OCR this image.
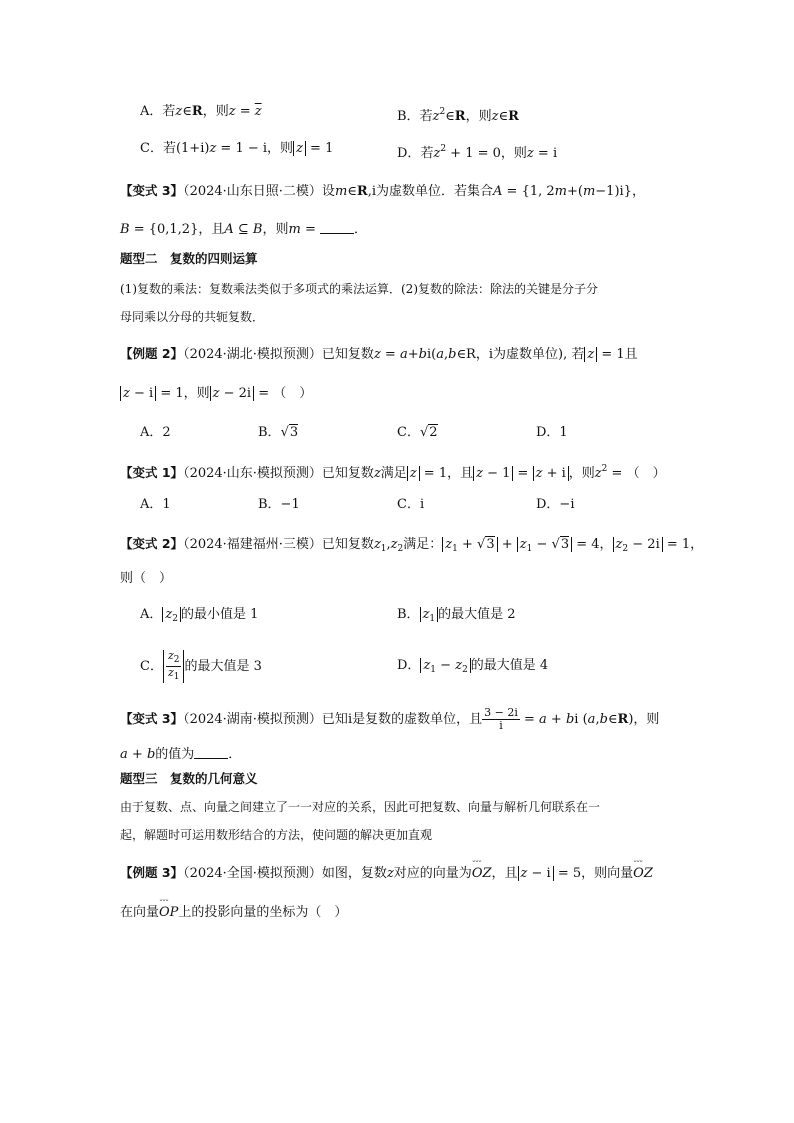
A．若z∈R，则$z = \overline{z}$	B．若$z^2\in R$，则z∈R
C．若(1+i)z = 1 − i，则 z = 1	D．若$z^2 + 1 = 0$，则z = i
【变式 3】（2024·山东日照·二模）设m∈R,i为虚数单位．若集合A = {1, 2m+(m−1)i}，
B = {0,1,2}，且A ⊆ B，则m =	．
题型二　复数的四则运算
(1)复数的乘法：复数乘法类似于多项式的乘法运算．(2)复数的除法：除法的关键是分子分
母同乘以分母的共轭复数．
【例题 2】（2024·湖北·模拟预测）已知复数z = a+bi(a,b∈R，i为虚数单位), 若 z = 1且
z − i = 1，则 z − 2i = （　）
A．2	B．√3	C．√2	D．1
【变式 1】（2024·山东·模拟预测）已知复数z满足 z = 1，且 z − 1 = z + i ，则$z^2$ = （　）
A．1	B．−1	C．i	D．−i
【变式 2】（2024·福建福州·三模）已知复数$z_1,z_2$满足： $z_1 + √3 + z_1 - √3 = 4$， $z_2 - 2i = 1$，
则（　）
A． $z_2$ 的最小值是 1	B． $z_1$ 的最大值是 2
C． $\frac{z_2}{z_1}$ 的最大值是 3	D． $z_1 - z_2$ 的最大值是 4
【变式 3】（2024·湖南·模拟预测）已知i是复数的虚数单位，且 $\frac{3 - 2i}{i} = a$ + bi (a,b∈R)，则
a + b的值为	．
题型三　复数的几何意义
由于复数、点、向量之间建立了一一对应的关系，因此可把复数、向量与解析几何联系在一
起，解题时可运用数形结合的方法，使问题的解决更加直观
【例题 3】（2024·全国·模拟预测）如图，复数z对应的向量为˘˘˘ OZ，且 z − i = 5，则向量˘˘˘ OZ
在向量˘˘˘ OP上的投影向量的坐标为（　）
